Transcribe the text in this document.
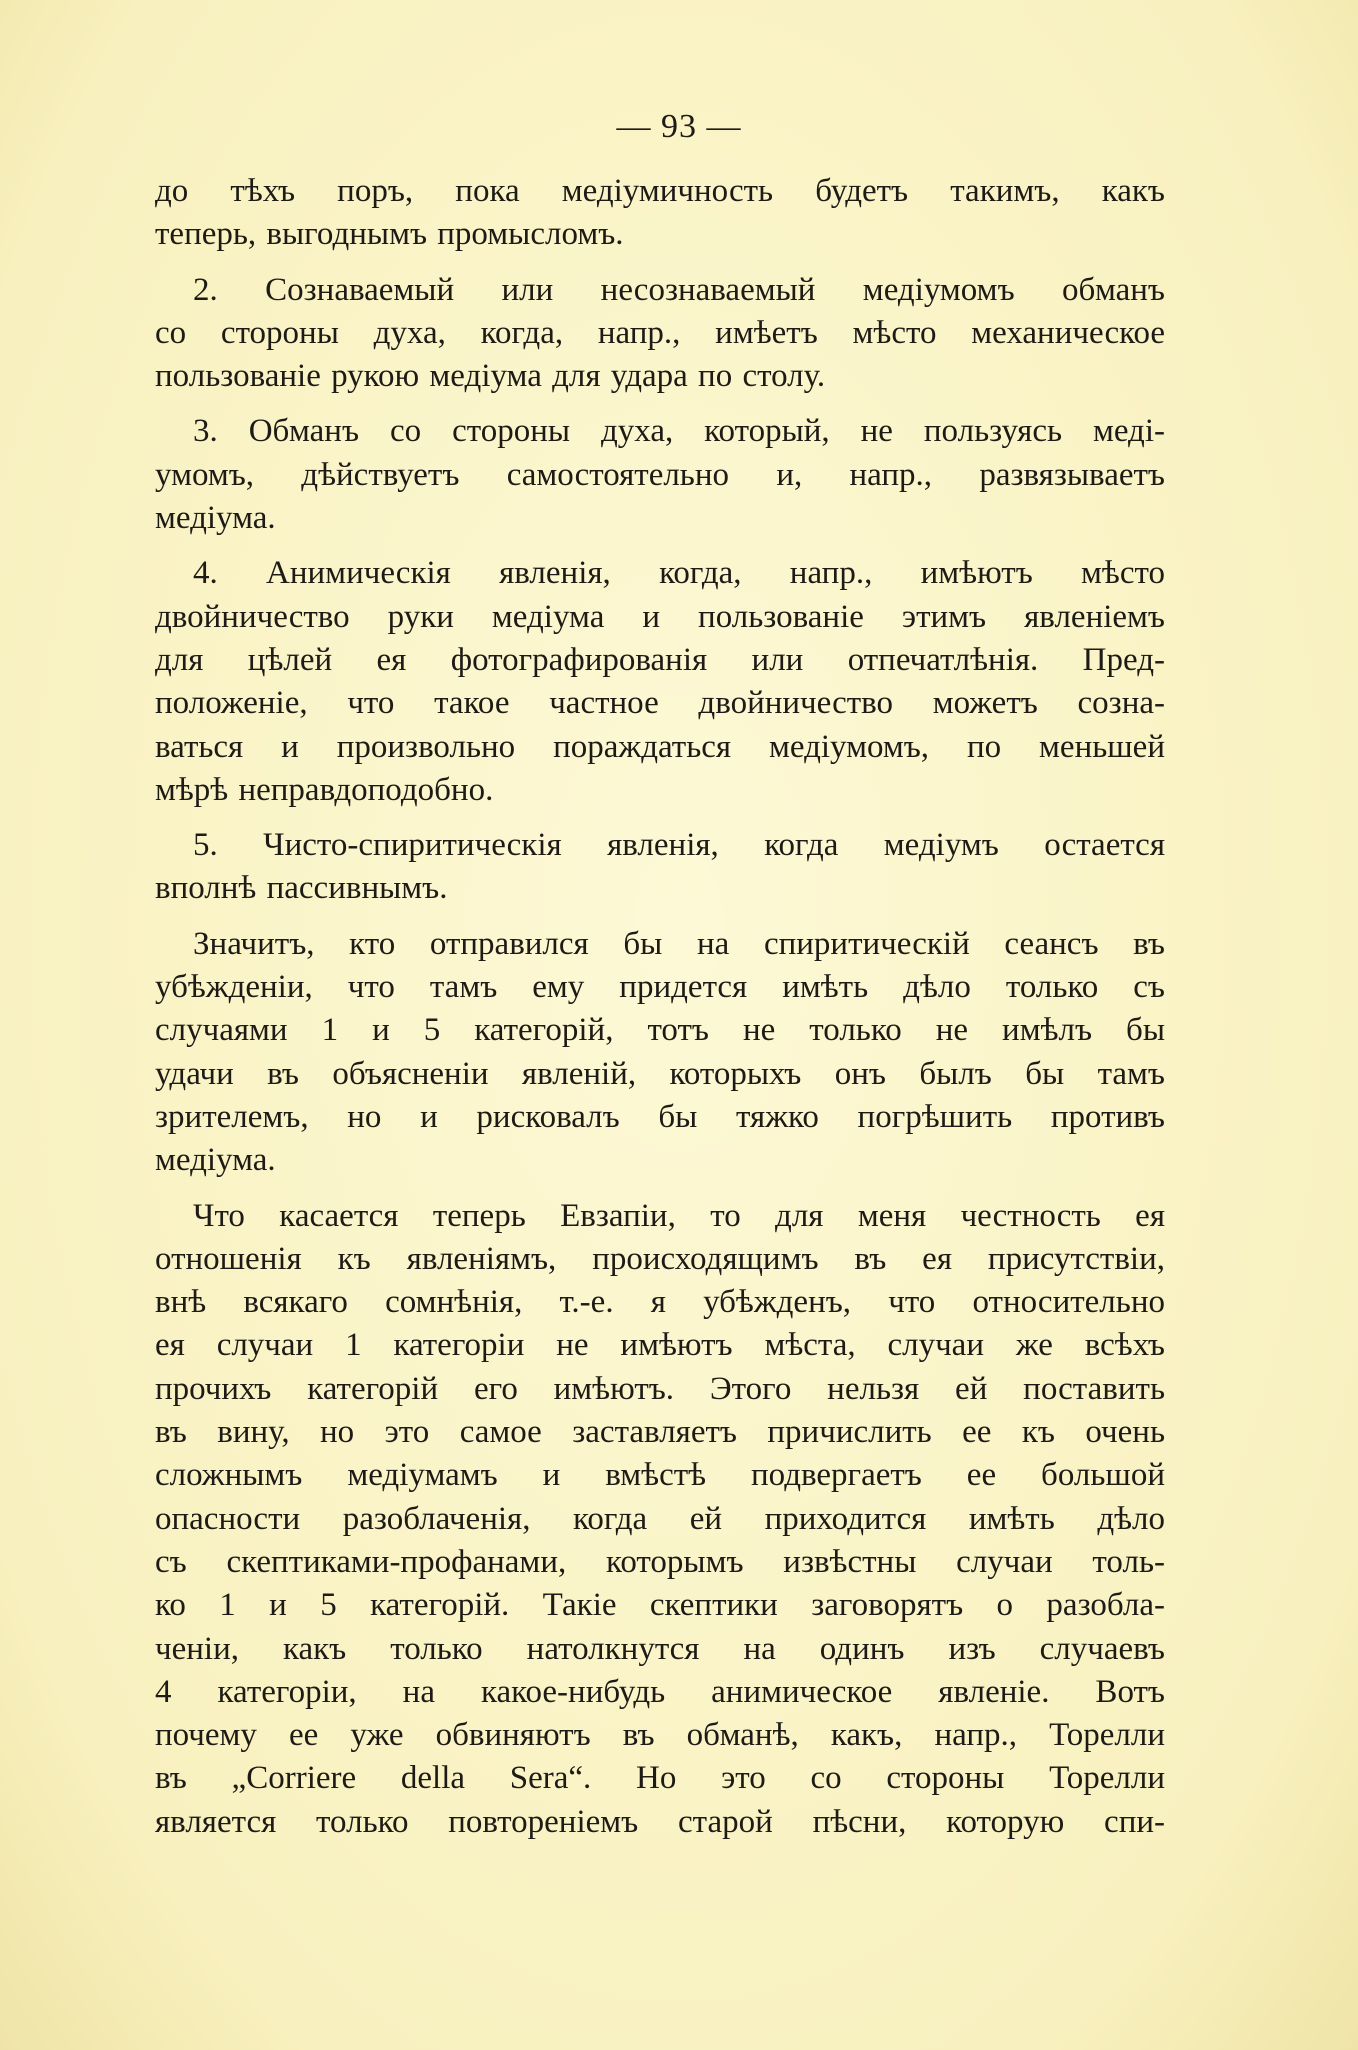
— 93 —
до тѣхъ поръ, пока медіумичность будетъ такимъ, какъ
теперь, выгоднымъ промысломъ.
2. Сознаваемый или несознаваемый медіумомъ обманъ
со стороны духа, когда, напр., имѣетъ мѣсто механическое
пользованіе рукою медіума для удара по столу.
3. Обманъ со стороны духа, который, не пользуясь меді-
умомъ, дѣйствуетъ самостоятельно и, напр., развязываетъ
медіума.
4. Анимическія явленія, когда, напр., имѣютъ мѣсто
двойничество руки медіума и пользованіе этимъ явленіемъ
для цѣлей ея фотографированія или отпечатлѣнія. Пред-
положеніе, что такое частное двойничество можетъ созна-
ваться и произвольно пораждаться медіумомъ, по меньшей
мѣрѣ неправдоподобно.
5. Чисто-спиритическія явленія, когда медіумъ остается
вполнѣ пассивнымъ.
Значитъ, кто отправился бы на спиритическій сеансъ въ
убѣжденіи, что тамъ ему придется имѣть дѣло только съ
случаями 1 и 5 категорій, тотъ не только не имѣлъ бы
удачи въ объясненіи явленій, которыхъ онъ былъ бы тамъ
зрителемъ, но и рисковалъ бы тяжко погрѣшить противъ
медіума.
Что касается теперь Евзапіи, то для меня честность ея
отношенія къ явленіямъ, происходящимъ въ ея присутствіи,
внѣ всякаго сомнѣнія, т.-е. я убѣжденъ, что относительно
ея случаи 1 категоріи не имѣютъ мѣста, случаи же всѣхъ
прочихъ категорій его имѣютъ. Этого нельзя ей поставить
въ вину, но это самое заставляетъ причислить ее къ очень
сложнымъ медіумамъ и вмѣстѣ подвергаетъ ее большой
опасности разоблаченія, когда ей приходится имѣть дѣло
съ скептиками-профанами, которымъ извѣстны случаи толь-
ко 1 и 5 категорій. Такіе скептики заговорятъ о разобла-
ченіи, какъ только натолкнутся на одинъ изъ случаевъ
4 категоріи, на какое-нибудь анимическое явленіе. Вотъ
почему ее уже обвиняютъ въ обманѣ, какъ, напр., Торелли
въ „Corriere della Sera“. Но это со стороны Торелли
является только повтореніемъ старой пѣсни, которую спи-
